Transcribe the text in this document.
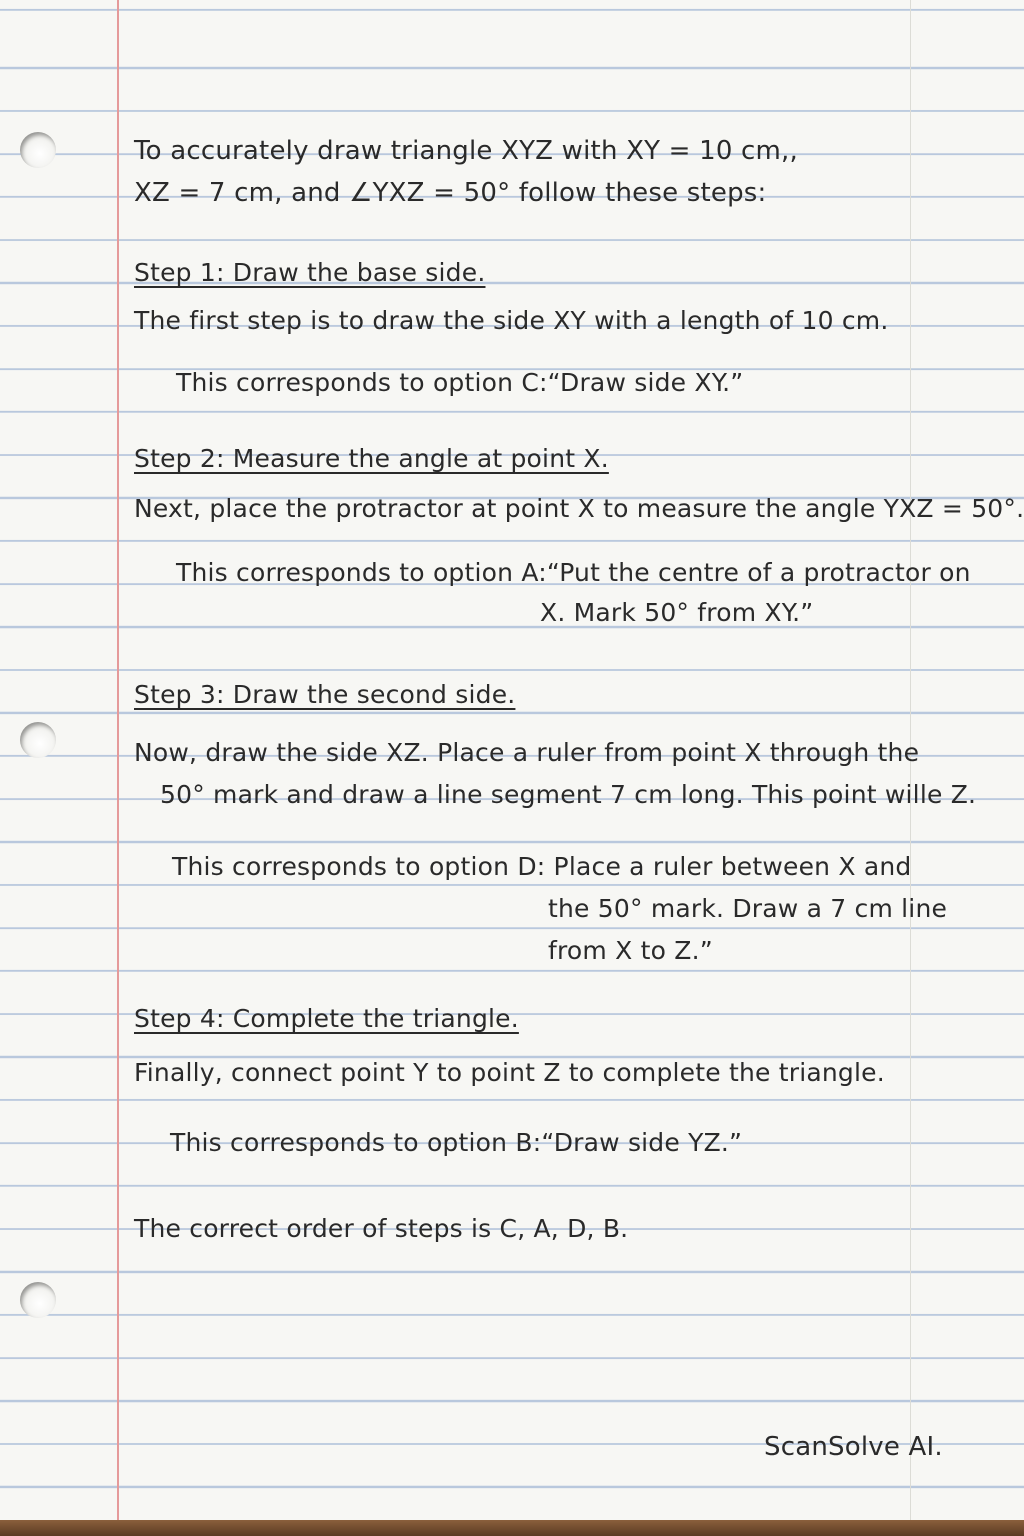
To accurately draw triangle XYZ with XY = 10 cm,,
XZ = 7 cm, and ∠YXZ = 50° follow these steps:
Step 1: Draw the base side.
The first step is to draw the side XY with a length of 10 cm.
This corresponds to option C:“Draw side XY.”
Step 2: Measure the angle at point X.
Next, place the protractor at point X to measure the angle YXZ = 50°.
This corresponds to option A:“Put the centre of a protractor on
X. Mark 50° from XY.”
Step 3: Draw the second side.
Now, draw the side XZ. Place a ruler from point X through the
50° mark and draw a line segment 7 cm long. This point wille Z.
This corresponds to option D: Place a ruler between X and
the 50° mark. Draw a 7 cm line
from X to Z.”
Step 4: Complete the triangle.
Finally, connect point Y to point Z to complete the triangle.
This corresponds to option B:“Draw side YZ.”
The correct order of steps is C, A, D, B.
ScanSolve AI.
